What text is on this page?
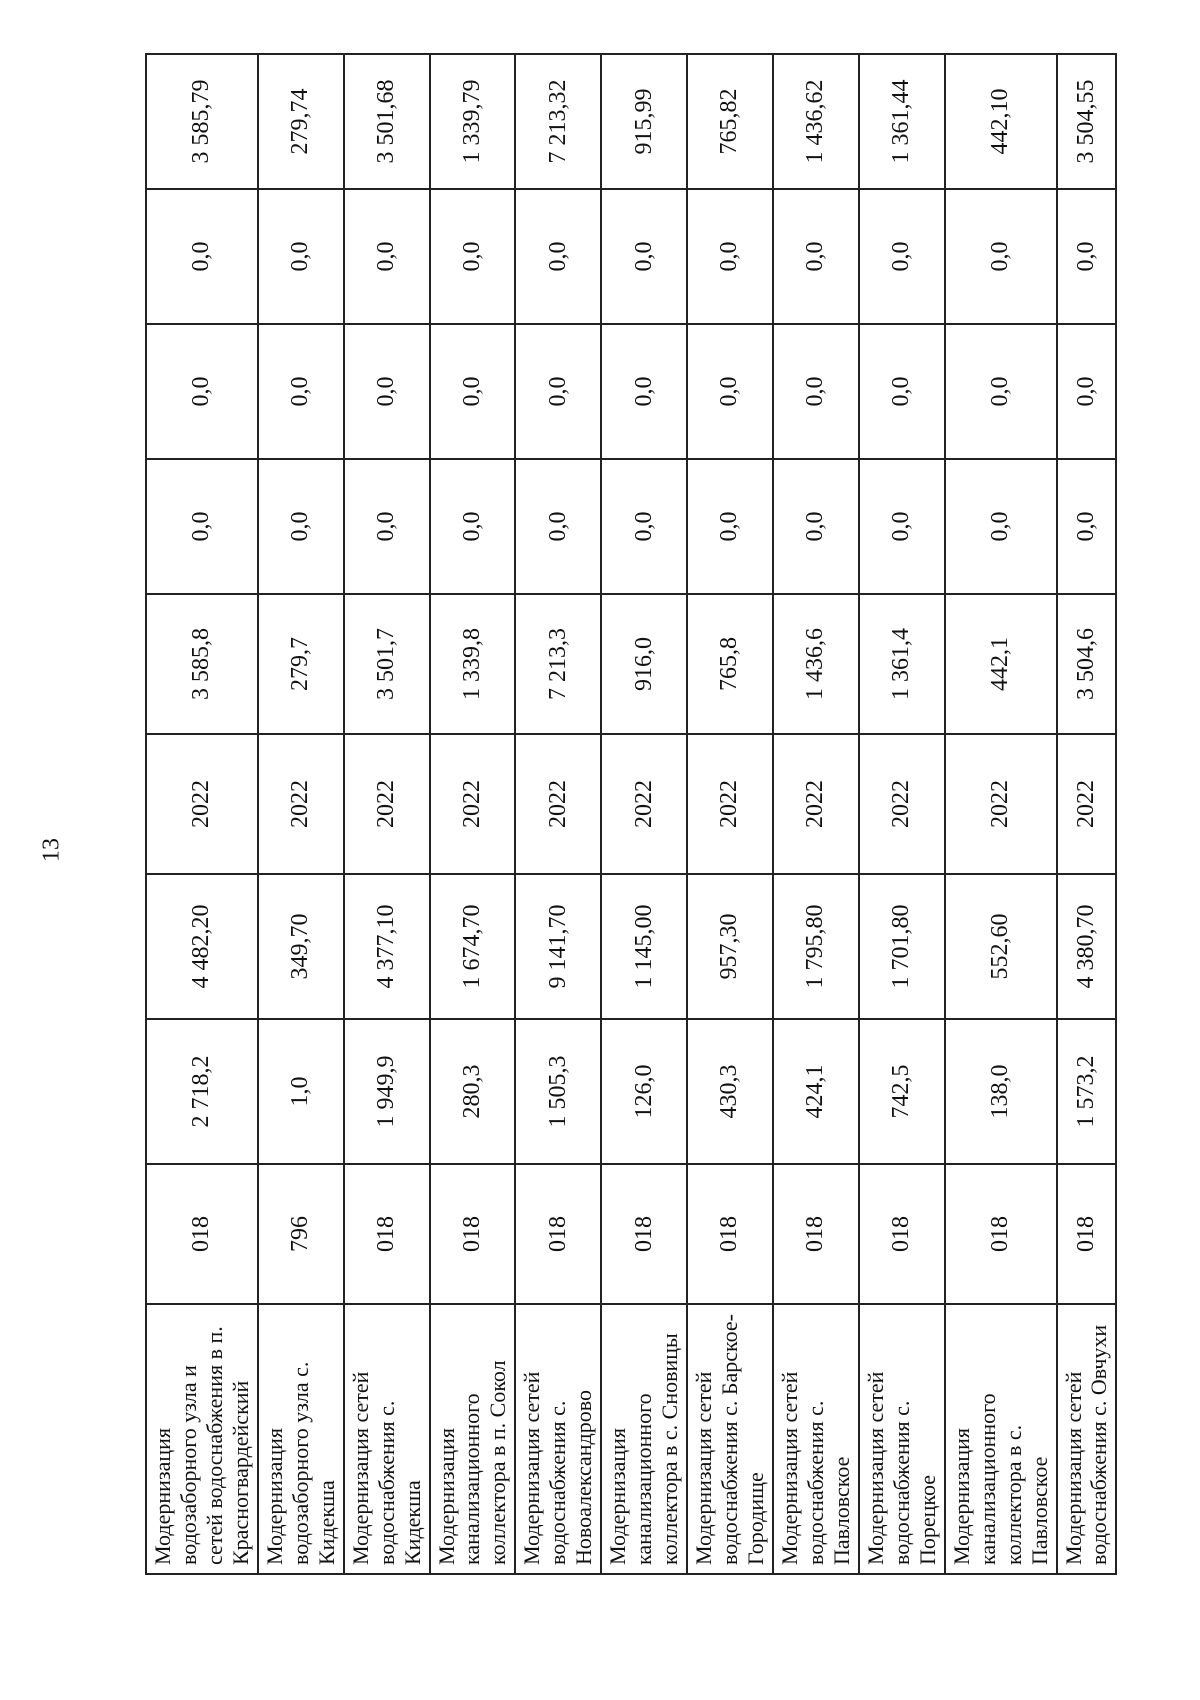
13
Модернизация водозаборного узла и сетей водоснабжения в п. Красногвардейский	018	2 718,2	4 482,20	2022	3 585,8	0,0	0,0	0,0	3 585,79
Модернизация водозаборного узла с. Кидекша	796	1,0	349,70	2022	279,7	0,0	0,0	0,0	279,74
Модернизация сетей водоснабжения с. Кидекша	018	1 949,9	4 377,10	2022	3 501,7	0,0	0,0	0,0	3 501,68
Модернизация канализационного коллектора в п. Сокол	018	280,3	1 674,70	2022	1 339,8	0,0	0,0	0,0	1 339,79
Модернизация сетей водоснабжения с. Новоалександрово	018	1 505,3	9 141,70	2022	7 213,3	0,0	0,0	0,0	7 213,32
Модернизация канализационного коллектора в с. Сновицы	018	126,0	1 145,00	2022	916,0	0,0	0,0	0,0	915,99
Модернизация сетей водоснабжения с. Барское-Городище	018	430,3	957,30	2022	765,8	0,0	0,0	0,0	765,82
Модернизация сетей водоснабжения с. Павловское	018	424,1	1 795,80	2022	1 436,6	0,0	0,0	0,0	1 436,62
Модернизация сетей водоснабжения с. Порецкое	018	742,5	1 701,80	2022	1 361,4	0,0	0,0	0,0	1 361,44
Модернизация канализационного коллектора в с. Павловское	018	138,0	552,60	2022	442,1	0,0	0,0	0,0	442,10
Модернизация сетей водоснабжения с. Овчухи	018	1 573,2	4 380,70	2022	3 504,6	0,0	0,0	0,0	3 504,55
